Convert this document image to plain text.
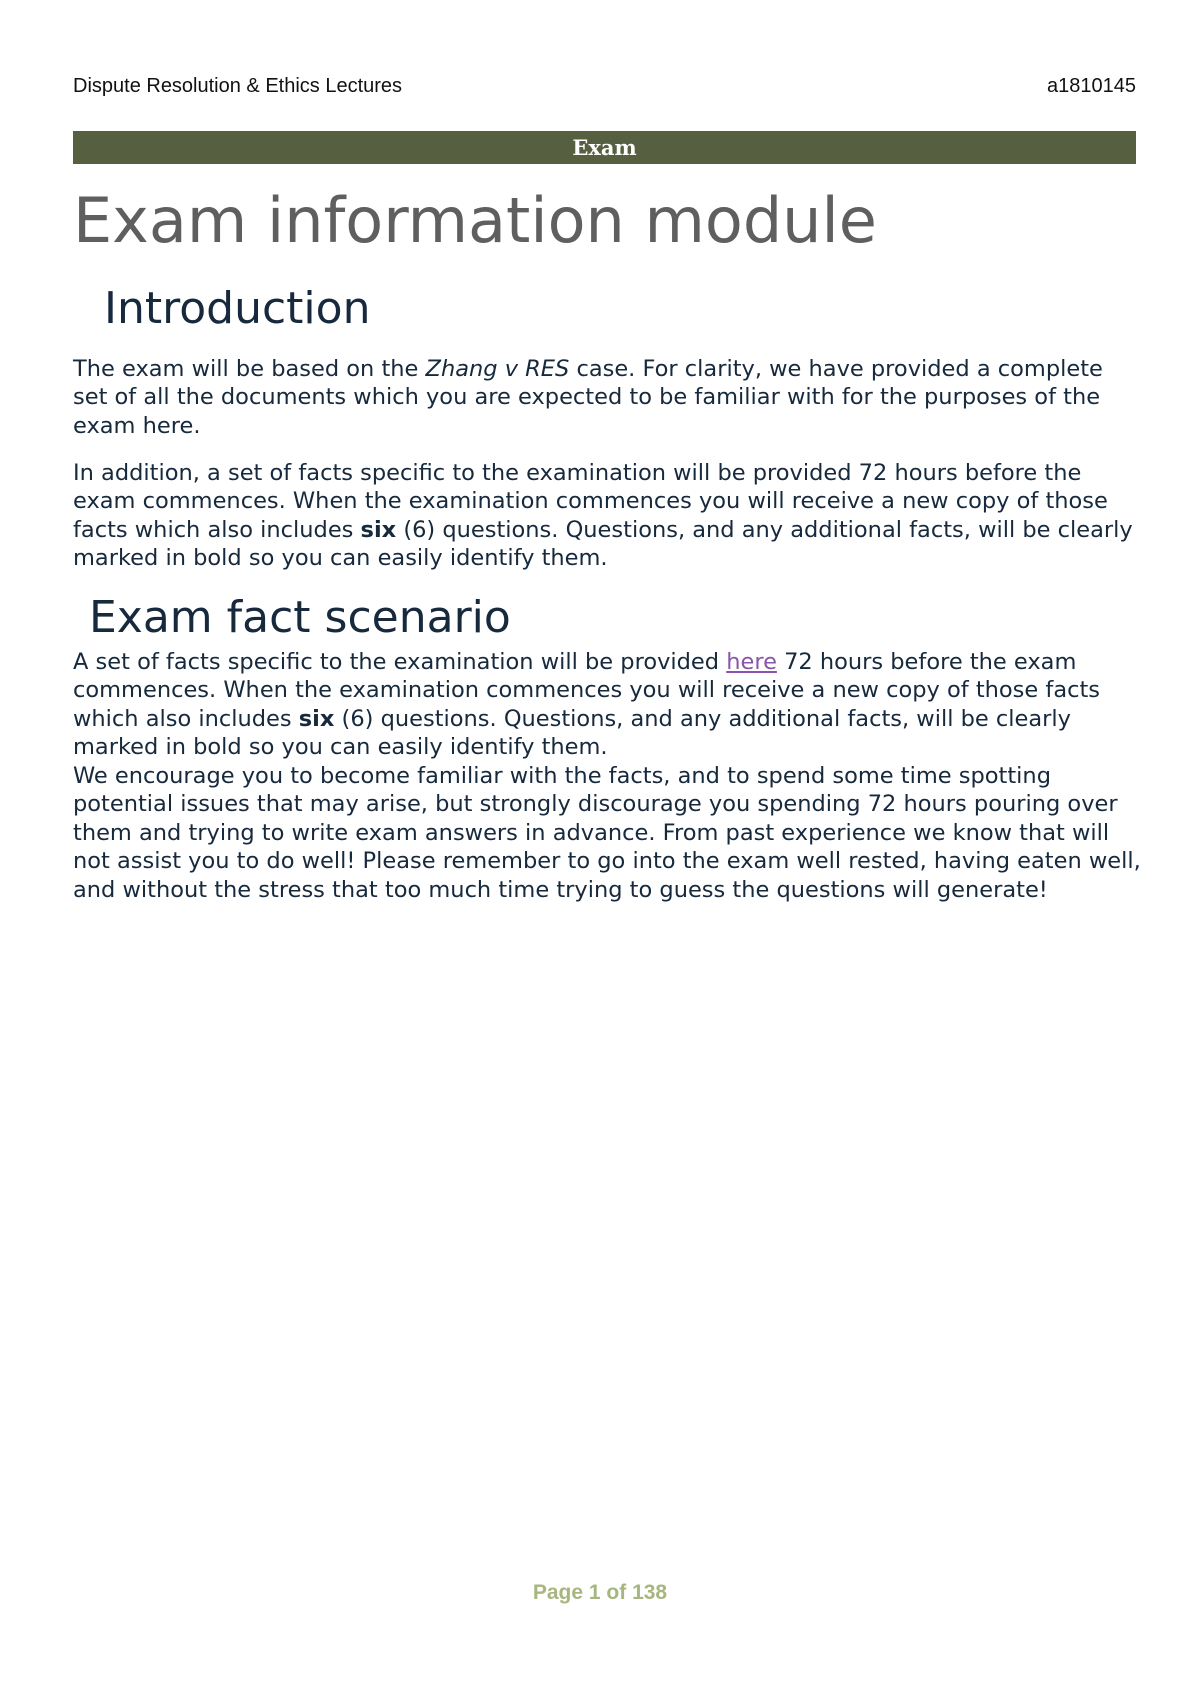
Dispute Resolution & Ethics Lectures	a1810145
Exam
Exam information module
Introduction

The exam will be based on the Zhang v RES case. For clarity, we have provided a complete set of all the documents which you are expected to be familiar with for the purposes of the exam here.

In addition, a set of facts specific to the examination will be provided 72 hours before the exam commences. When the examination commences you will receive a new copy of those facts which also includes six (6) questions. Questions, and any additional facts, will be clearly marked in bold so you can easily identify them.

Exam fact scenario

A set of facts specific to the examination will be provided here 72 hours before the exam commences. When the examination commences you will receive a new copy of those facts which also includes six (6) questions. Questions, and any additional facts, will be clearly marked in bold so you can easily identify them.

We encourage you to become familiar with the facts, and to spend some time spotting potential issues that may arise, but strongly discourage you spending 72 hours pouring over them and trying to write exam answers in advance. From past experience we know that will not assist you to do well! Please remember to go into the exam well rested, having eaten well, and without the stress that too much time trying to guess the questions will generate!

Page 1 of 138
